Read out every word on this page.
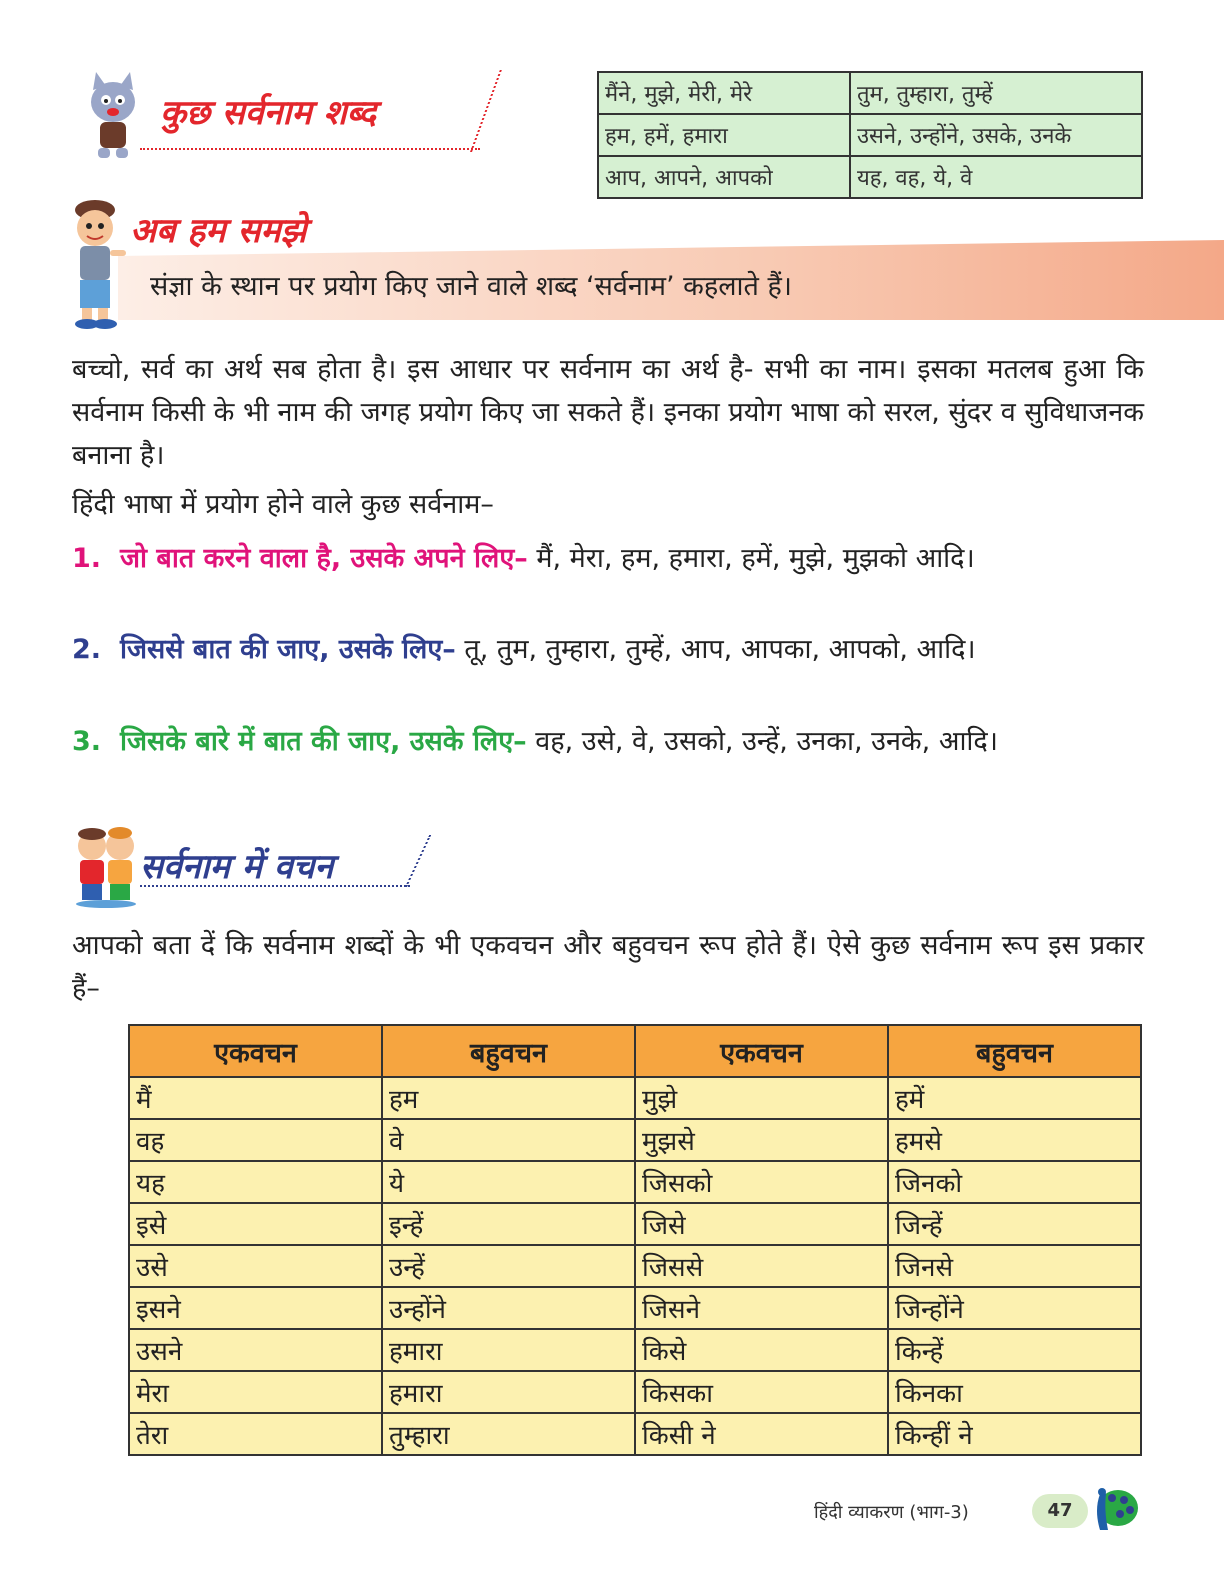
कुछ सर्वनाम शब्द	मैंने, मुझे, मेरी, मेरे	तुम, तुम्हारा, तुम्हें
हम, हमें, हमारा	उसने, उन्होंने, उसके, उनके
आप, आपने, आपको	यह, वह, ये, वे
अब हम समझे
संज्ञा के स्थान पर प्रयोग किए जाने वाले शब्द ‘सर्वनाम’ कहलाते हैं।
बच्चो, सर्व का अर्थ सब होता है। इस आधार पर सर्वनाम का अर्थ है- सभी का नाम। इसका मतलब हुआ कि सर्वनाम किसी के भी नाम की जगह प्रयोग किए जा सकते हैं। इनका प्रयोग भाषा को सरल, सुंदर व सुविधाजनक बनाना है।
हिंदी भाषा में प्रयोग होने वाले कुछ सर्वनाम–
1. जो बात करने वाला है, उसके अपने लिए– मैं, मेरा, हम, हमारा, हमें, मुझे, मुझको आदि।
2. जिससे बात की जाए, उसके लिए– तू, तुम, तुम्हारा, तुम्हें, आप, आपका, आपको, आदि।
3. जिसके बारे में बात की जाए, उसके लिए– वह, उसे, वे, उसको, उन्हें, उनका, उनके, आदि।
सर्वनाम में वचन
आपको बता दें कि सर्वनाम शब्दों के भी एकवचन और बहुवचन रूप होते हैं। ऐसे कुछ सर्वनाम रूप इस प्रकार हैं–
एकवचन	बहुवचन	एकवचन	बहुवचन
मैं	हम	मुझे	हमें
वह	वे	मुझसे	हमसे
यह	ये	जिसको	जिनको
इसे	इन्हें	जिसे	जिन्हें
उसे	उन्हें	जिससे	जिनसे
इसने	उन्होंने	जिसने	जिन्होंने
उसने	हमारा	किसे	किन्हें
मेरा	हमारा	किसका	किनका
तेरा	तुम्हारा	किसी ने	किन्हीं ने
हिंदी व्याकरण (भाग-3)	47
